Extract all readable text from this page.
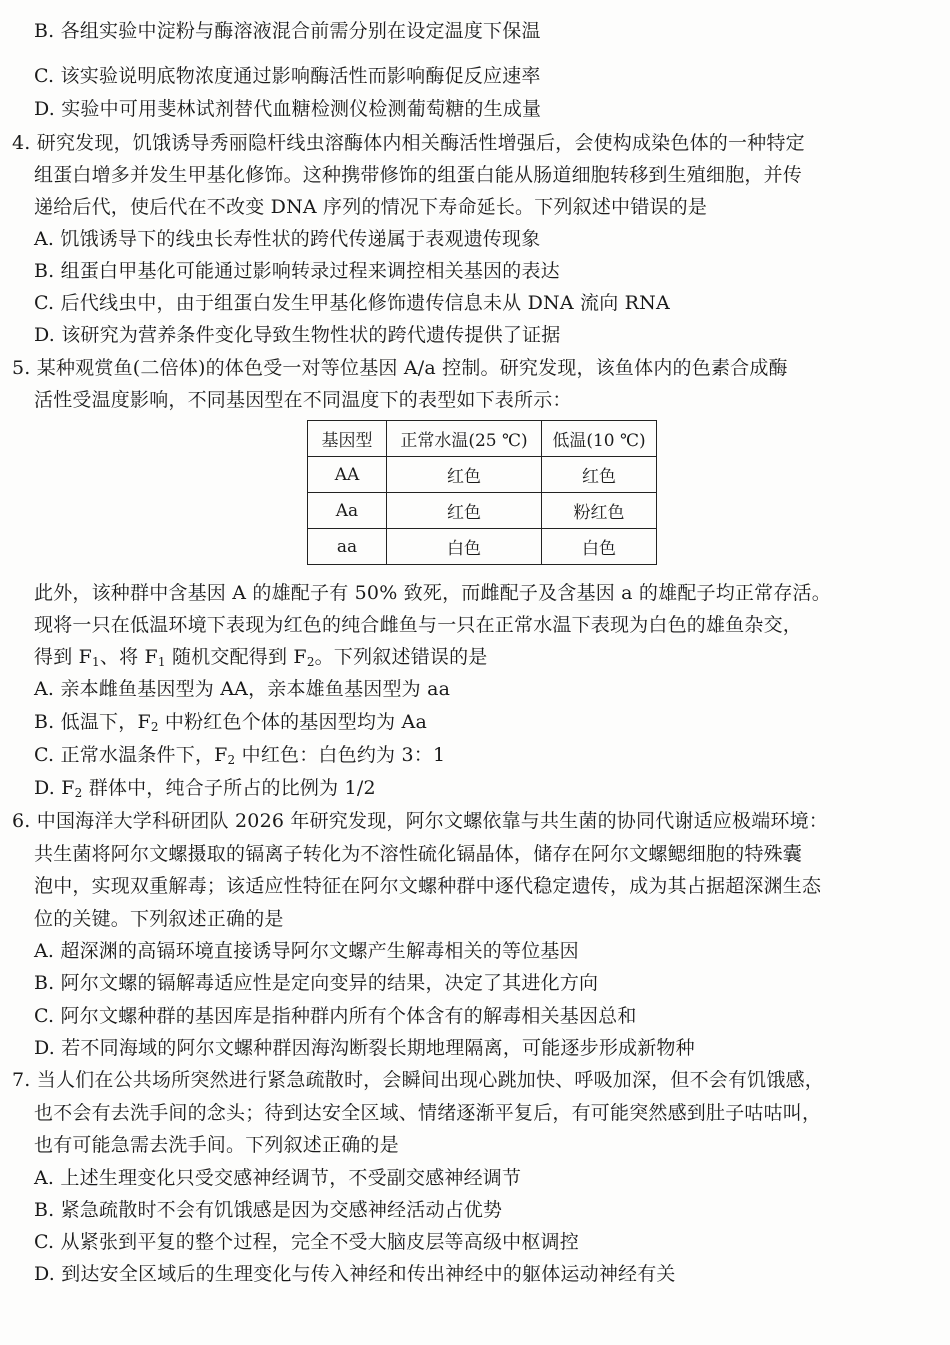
B. 各组实验中淀粉与酶溶液混合前需分别在设定温度下保温
C. 该实验说明底物浓度通过影响酶活性而影响酶促反应速率
D. 实验中可用斐林试剂替代血糖检测仪检测葡萄糖的生成量
4. 研究发现，饥饿诱导秀丽隐杆线虫溶酶体内相关酶活性增强后，会使构成染色体的一种特定
组蛋白增多并发生甲基化修饰。这种携带修饰的组蛋白能从肠道细胞转移到生殖细胞，并传
递给后代，使后代在不改变 DNA 序列的情况下寿命延长。下列叙述中错误的是
A. 饥饿诱导下的线虫长寿性状的跨代传递属于表观遗传现象
B. 组蛋白甲基化可能通过影响转录过程来调控相关基因的表达
C. 后代线虫中，由于组蛋白发生甲基化修饰遗传信息未从 DNA 流向 RNA
D. 该研究为营养条件变化导致生物性状的跨代遗传提供了证据
5. 某种观赏鱼(二倍体)的体色受一对等位基因 A/a 控制。研究发现，该鱼体内的色素合成酶
活性受温度影响，不同基因型在不同温度下的表型如下表所示：
基因型	正常水温(25 ℃)	低温(10 ℃)
AA	红色	红色
Aa	红色	粉红色
aa	白色	白色
此外，该种群中含基因 A 的雄配子有 50% 致死，而雌配子及含基因 a 的雄配子均正常存活。
现将一只在低温环境下表现为红色的纯合雌鱼与一只在正常水温下表现为白色的雄鱼杂交，
得到 $F_1$、将 $F_1$ 随机交配得到 $F_2$。下列叙述错误的是
A. 亲本雌鱼基因型为 AA，亲本雄鱼基因型为 aa
B. 低温下，$F_2$ 中粉红色个体的基因型均为 Aa
C. 正常水温条件下，$F_2$ 中红色：白色约为 3：1
D. $F_2$ 群体中，纯合子所占的比例为 1/2
6. 中国海洋大学科研团队 2026 年研究发现，阿尔文螺依靠与共生菌的协同代谢适应极端环境：
共生菌将阿尔文螺摄取的镉离子转化为不溶性硫化镉晶体，储存在阿尔文螺鳃细胞的特殊囊
泡中，实现双重解毒；该适应性特征在阿尔文螺种群中逐代稳定遗传，成为其占据超深渊生态
位的关键。下列叙述正确的是
A. 超深渊的高镉环境直接诱导阿尔文螺产生解毒相关的等位基因
B. 阿尔文螺的镉解毒适应性是定向变异的结果，决定了其进化方向
C. 阿尔文螺种群的基因库是指种群内所有个体含有的解毒相关基因总和
D. 若不同海域的阿尔文螺种群因海沟断裂长期地理隔离，可能逐步形成新物种
7. 当人们在公共场所突然进行紧急疏散时，会瞬间出现心跳加快、呼吸加深，但不会有饥饿感，
也不会有去洗手间的念头；待到达安全区域、情绪逐渐平复后，有可能突然感到肚子咕咕叫，
也有可能急需去洗手间。下列叙述正确的是
A. 上述生理变化只受交感神经调节，不受副交感神经调节
B. 紧急疏散时不会有饥饿感是因为交感神经活动占优势
C. 从紧张到平复的整个过程，完全不受大脑皮层等高级中枢调控
D. 到达安全区域后的生理变化与传入神经和传出神经中的躯体运动神经有关
